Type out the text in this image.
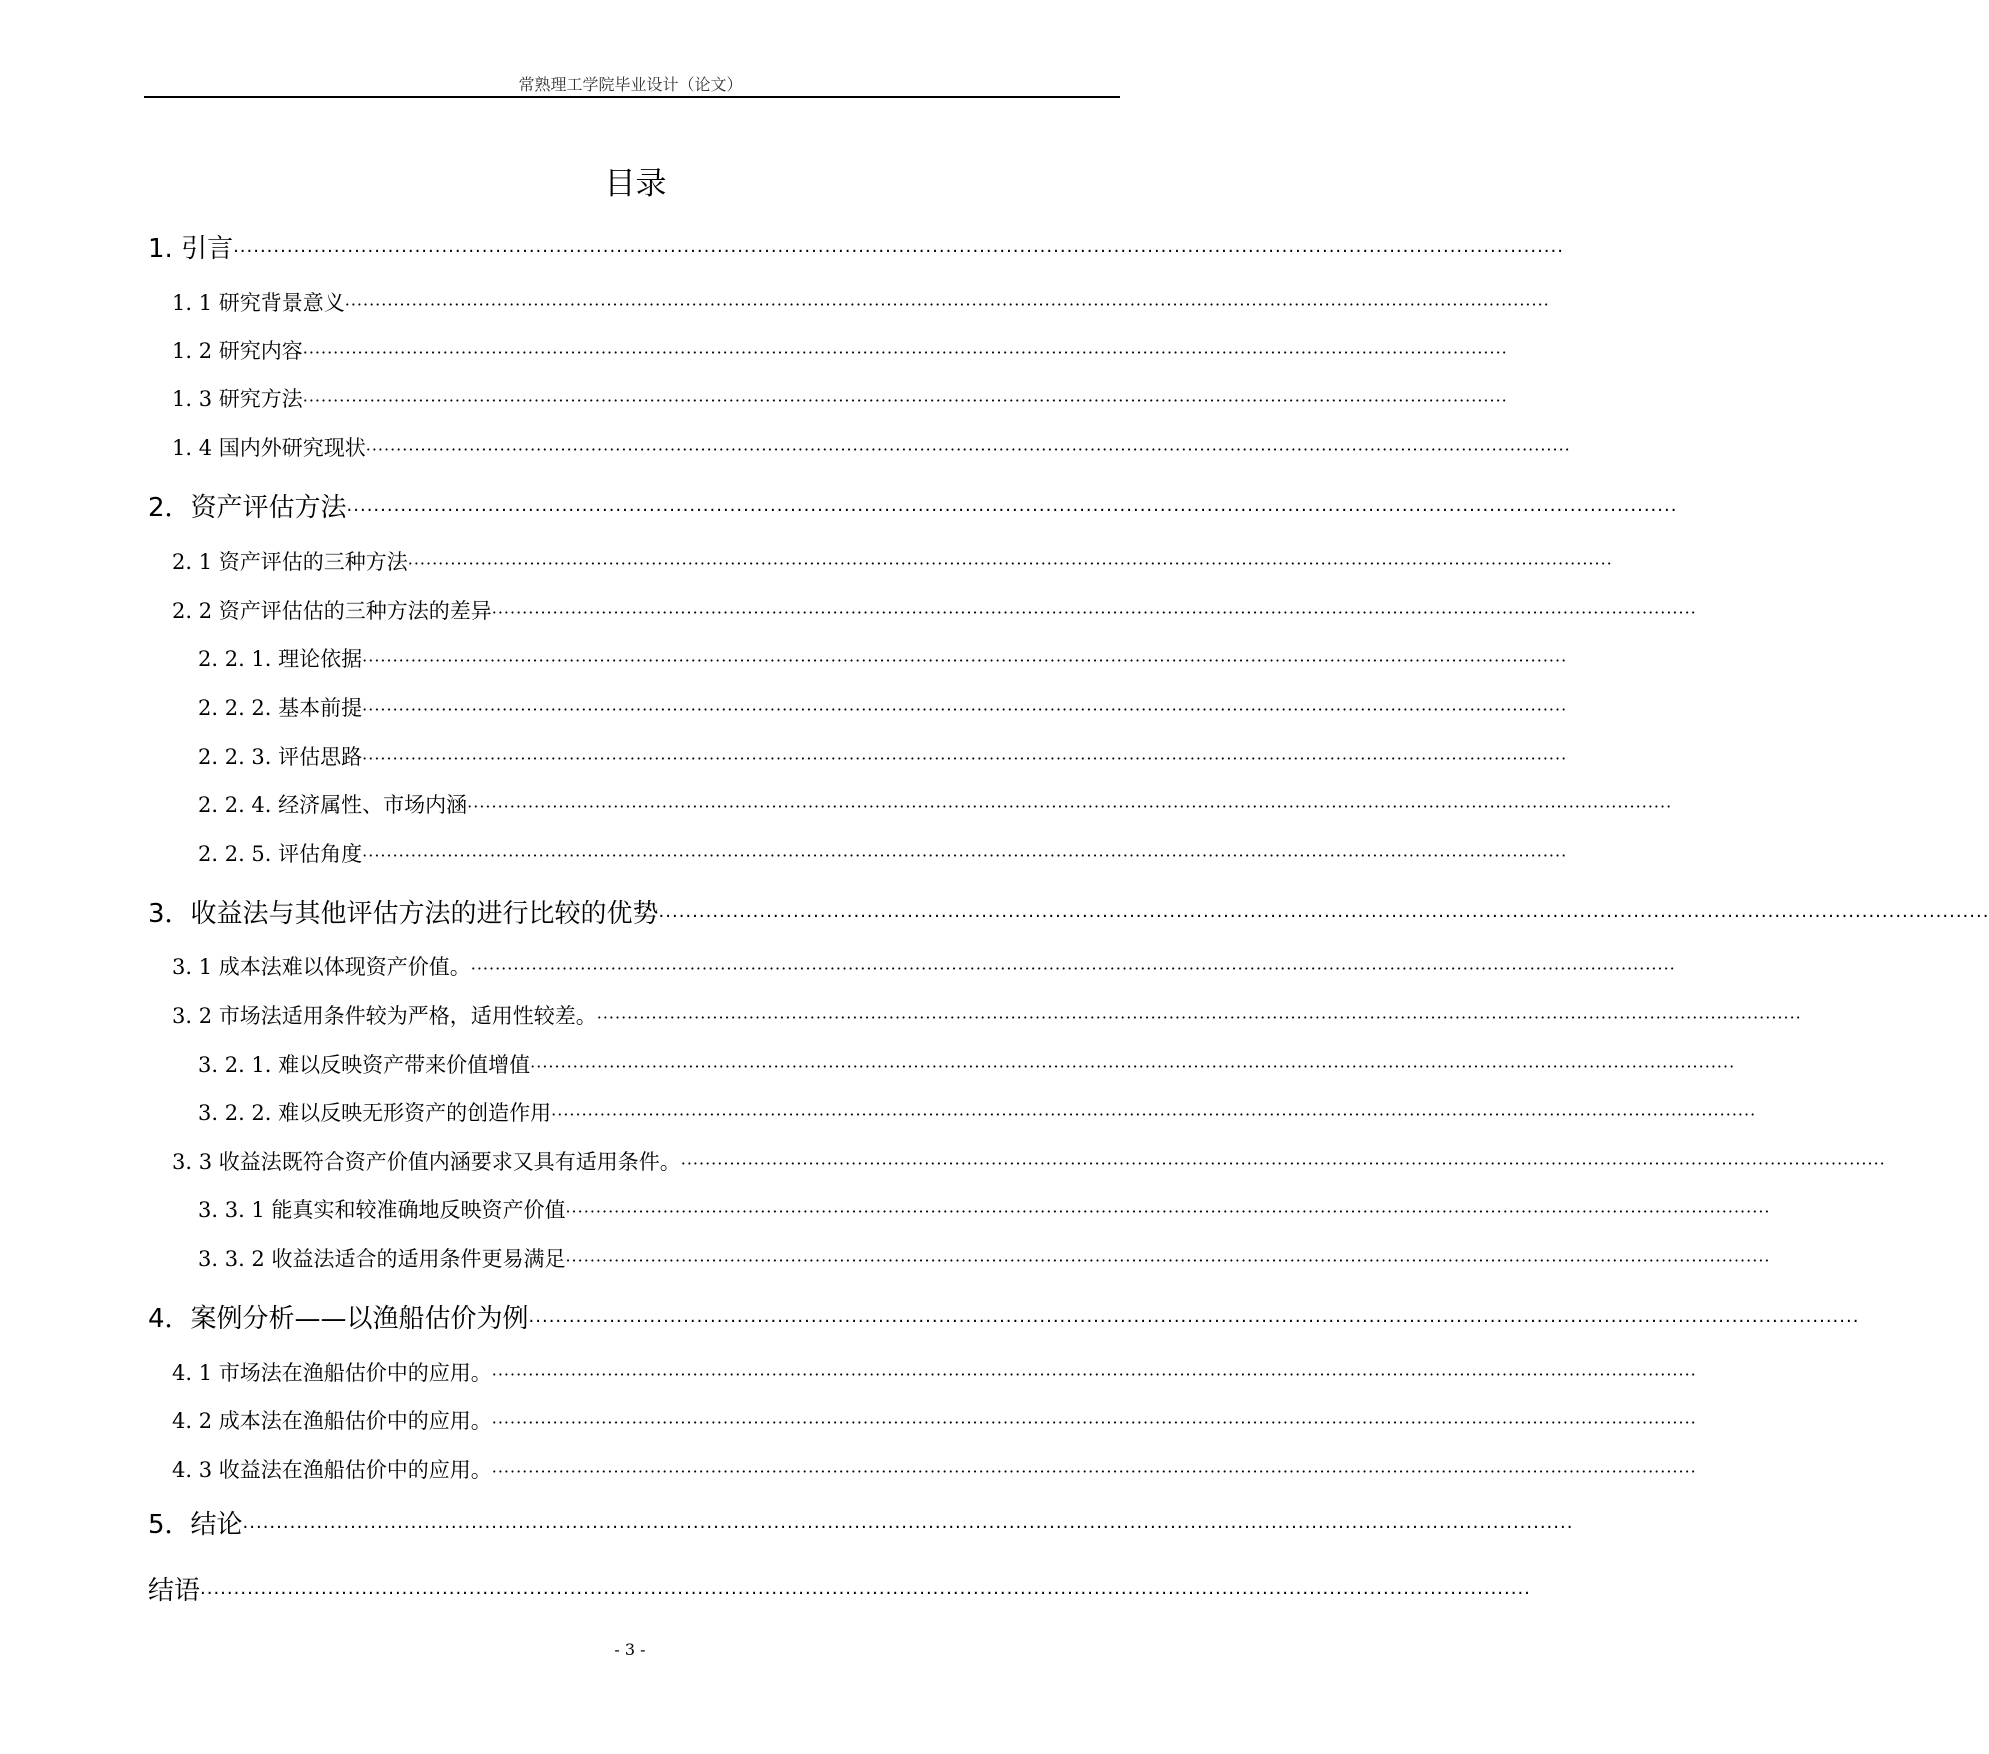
常熟理工学院毕业设计（论文）
目录
1. 引言 ······································································································································································································
1. 1 研究背景意义 ······································································································································································································
1. 2 研究内容 ······································································································································································································
1. 3 研究方法 ······································································································································································································
1. 4 国内外研究现状 ······································································································································································································
2．资产评估方法 ······································································································································································································
2. 1 资产评估的三种方法 ······································································································································································································
2. 2 资产评估估的三种方法的差异 ······································································································································································································
2. 2. 1. 理论依据 ······································································································································································································
2. 2. 2. 基本前提 ······································································································································································································
2. 2. 3. 评估思路 ······································································································································································································
2. 2. 4. 经济属性、市场内涵 ······································································································································································································
2. 2. 5. 评估角度 ······································································································································································································
3．收益法与其他评估方法的进行比较的优势 ······································································································································································································
3. 1 成本法难以体现资产价值。 ······································································································································································································
3. 2 市场法适用条件较为严格，适用性较差。 ······································································································································································································
3. 2. 1. 难以反映资产带来价值增值 ······································································································································································································
3. 2. 2. 难以反映无形资产的创造作用 ······································································································································································································
3. 3 收益法既符合资产价值内涵要求又具有适用条件。 ······································································································································································································
3. 3. 1 能真实和较准确地反映资产价值 ······································································································································································································
3. 3. 2 收益法适合的适用条件更易满足 ······································································································································································································
4．案例分析——以渔船估价为例 ······································································································································································································
4. 1 市场法在渔船估价中的应用。 ······································································································································································································
4. 2 成本法在渔船估价中的应用。 ······································································································································································································
4. 3 收益法在渔船估价中的应用。 ······································································································································································································
5．结论 ······································································································································································································
结语 ······································································································································································································
- 3 -
